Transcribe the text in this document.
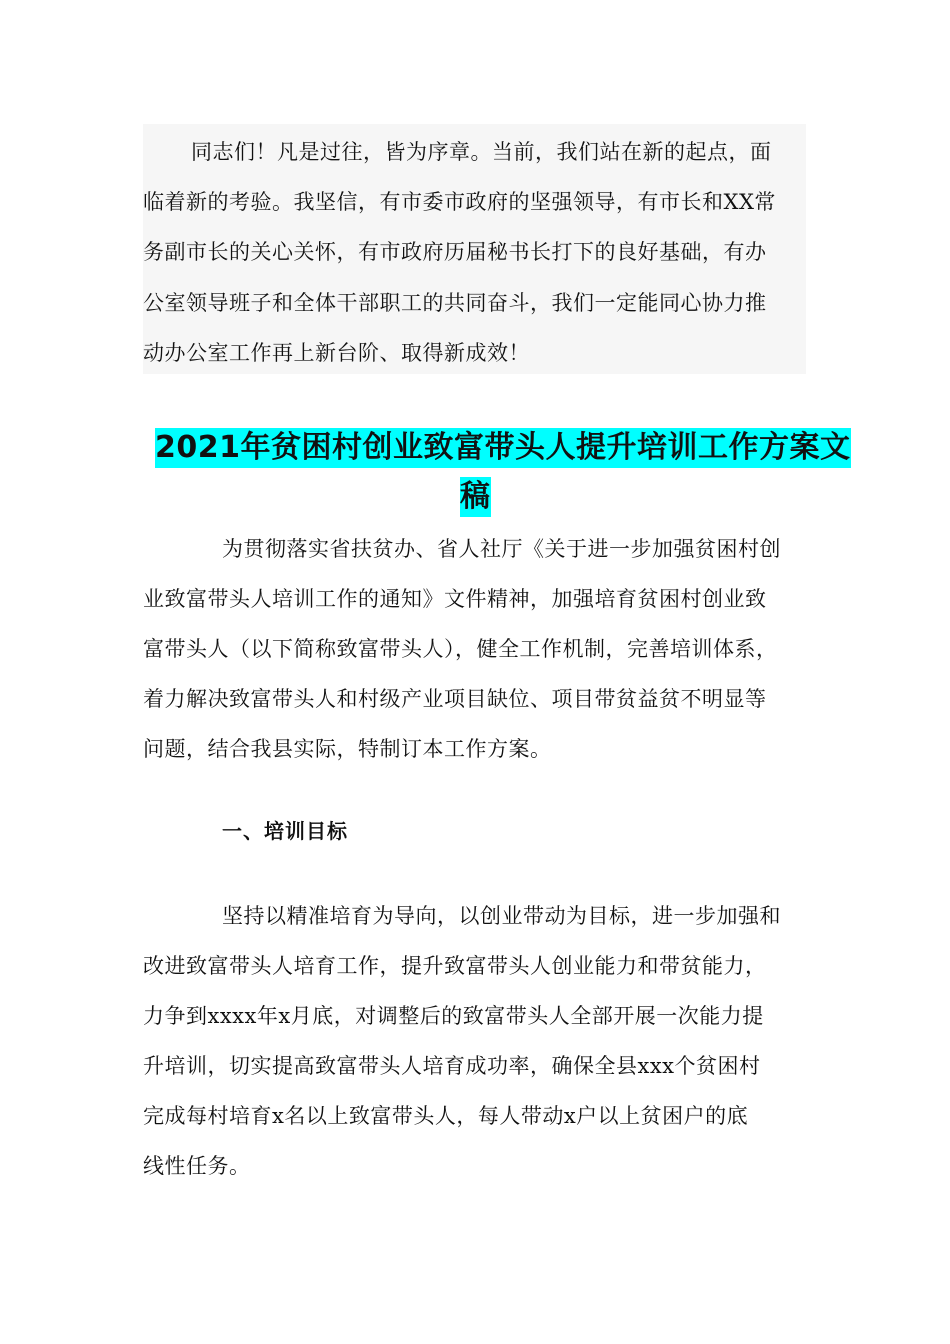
同志们！凡是过往，皆为序章。当前，我们站在新的起点，面
临着新的考验。我坚信，有市委市政府的坚强领导，有市长和XX常
务副市长的关心关怀，有市政府历届秘书长打下的良好基础，有办
公室领导班子和全体干部职工的共同奋斗，我们一定能同心协力推
动办公室工作再上新台阶、取得新成效！
2021年贫困村创业致富带头人提升培训工作方案文
稿
为贯彻落实省扶贫办、省人社厅《关于进一步加强贫困村创
业致富带头人培训工作的通知》文件精神，加强培育贫困村创业致
富带头人（以下简称致富带头人），健全工作机制，完善培训体系，
着力解决致富带头人和村级产业项目缺位、项目带贫益贫不明显等
问题，结合我县实际，特制订本工作方案。
一、培训目标
坚持以精准培育为导向，以创业带动为目标，进一步加强和
改进致富带头人培育工作，提升致富带头人创业能力和带贫能力，
力争到xxxx年x月底，对调整后的致富带头人全部开展一次能力提
升培训，切实提高致富带头人培育成功率，确保全县xxx个贫困村
完成每村培育x名以上致富带头人，每人带动x户以上贫困户的底
线性任务。
